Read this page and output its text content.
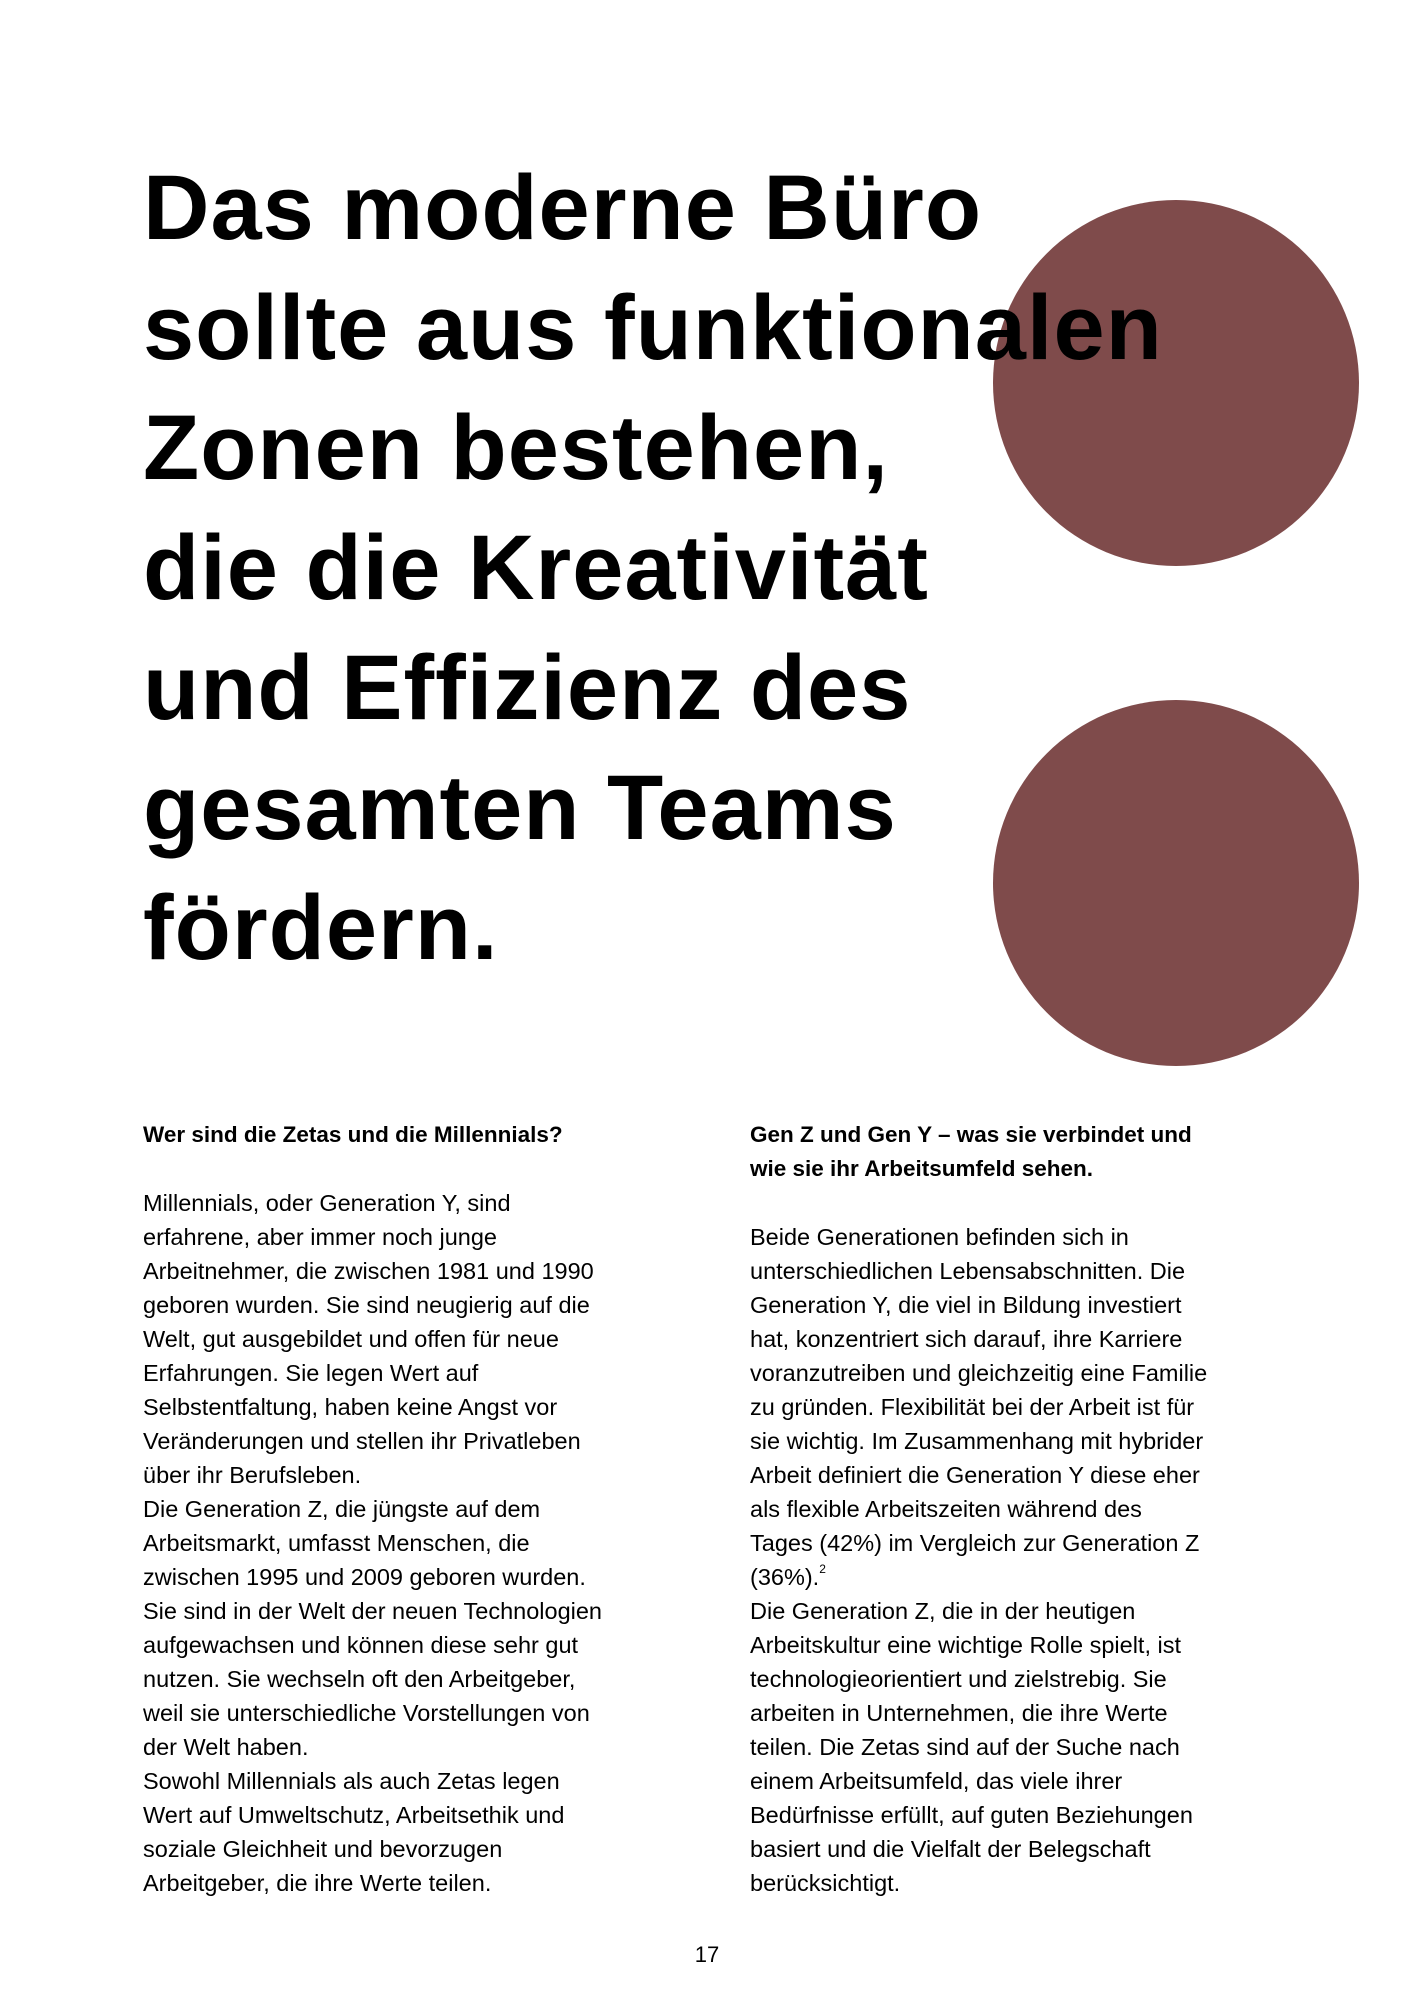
Das moderne Büro
sollte aus funktionalen
Zonen bestehen,
die die Kreativität
und Effizienz des
gesamten Teams
fördern.
Wer sind die Zetas und die Millennials?
Millennials, oder Generation Y, sind
erfahrene, aber immer noch junge
Arbeitnehmer, die zwischen 1981 und 1990
geboren wurden. Sie sind neugierig auf die
Welt, gut ausgebildet und offen für neue
Erfahrungen. Sie legen Wert auf
Selbstentfaltung, haben keine Angst vor
Veränderungen und stellen ihr Privatleben
über ihr Berufsleben.
Die Generation Z, die jüngste auf dem
Arbeitsmarkt, umfasst Menschen, die
zwischen 1995 und 2009 geboren wurden.
Sie sind in der Welt der neuen Technologien
aufgewachsen und können diese sehr gut
nutzen. Sie wechseln oft den Arbeitgeber,
weil sie unterschiedliche Vorstellungen von
der Welt haben.
Sowohl Millennials als auch Zetas legen
Wert auf Umweltschutz, Arbeitsethik und
soziale Gleichheit und bevorzugen
Arbeitgeber, die ihre Werte teilen.
Gen Z und Gen Y – was sie verbindet und
wie sie ihr Arbeitsumfeld sehen.
Beide Generationen befinden sich in
unterschiedlichen Lebensabschnitten. Die
Generation Y, die viel in Bildung investiert
hat, konzentriert sich darauf, ihre Karriere
voranzutreiben und gleichzeitig eine Familie
zu gründen. Flexibilität bei der Arbeit ist für
sie wichtig. Im Zusammenhang mit hybrider
Arbeit definiert die Generation Y diese eher
als flexible Arbeitszeiten während des
Tages (42%) im Vergleich zur Generation Z
(36%).$^2$
Die Generation Z, die in der heutigen
Arbeitskultur eine wichtige Rolle spielt, ist
technologieorientiert und zielstrebig. Sie
arbeiten in Unternehmen, die ihre Werte
teilen. Die Zetas sind auf der Suche nach
einem Arbeitsumfeld, das viele ihrer
Bedürfnisse erfüllt, auf guten Beziehungen
basiert und die Vielfalt der Belegschaft
berücksichtigt.
17
